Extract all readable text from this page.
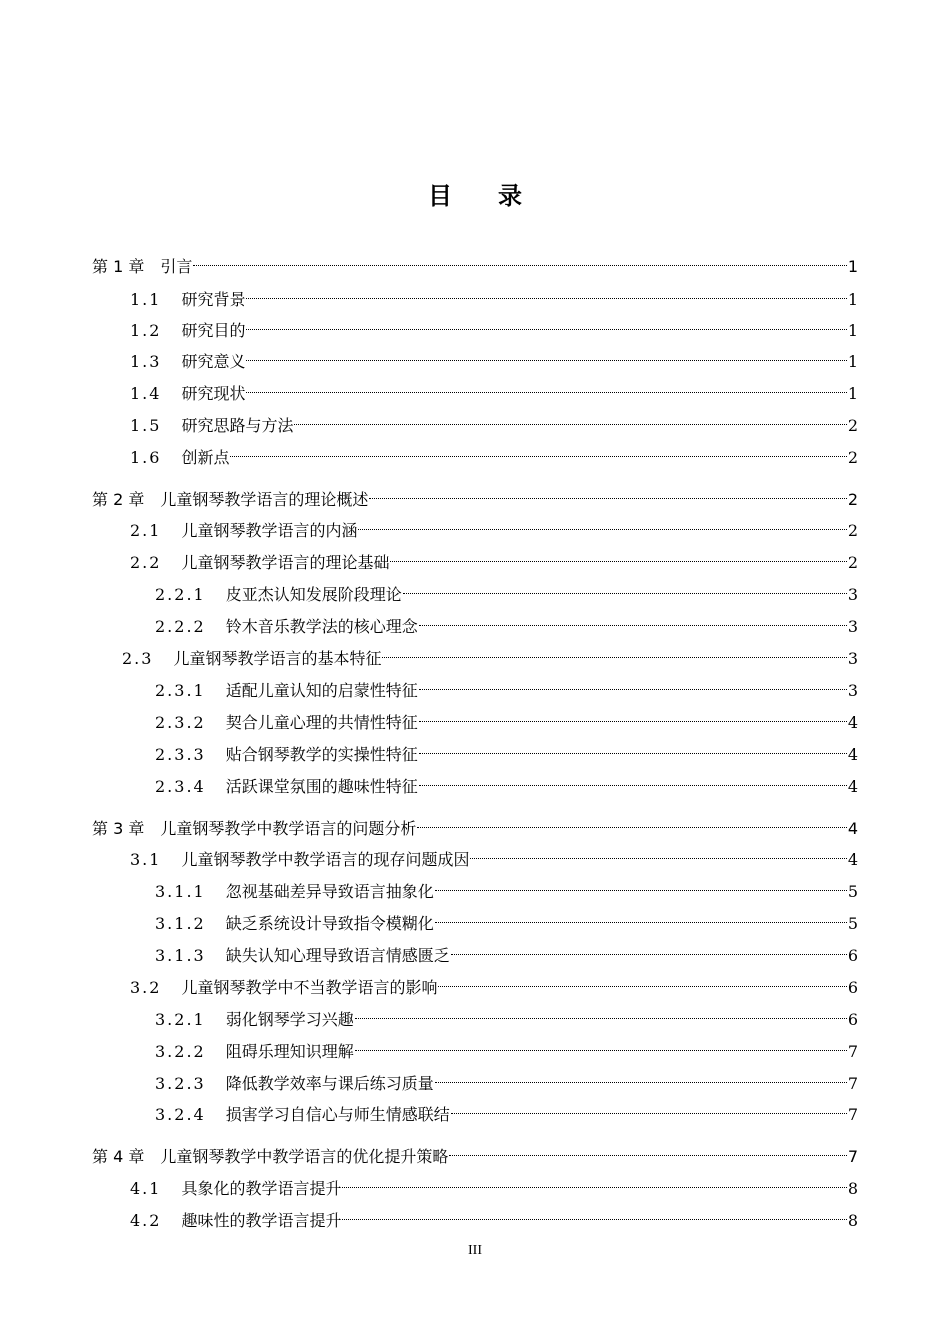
目 录
第 1 章 引言	1
1.1 研究背景	1
1.2 研究目的	1
1.3 研究意义	1
1.4 研究现状	1
1.5 研究思路与方法	2
1.6 创新点	2
第 2 章 儿童钢琴教学语言的理论概述	2
2.1 儿童钢琴教学语言的内涵	2
2.2 儿童钢琴教学语言的理论基础	2
2.2.1 皮亚杰认知发展阶段理论	3
2.2.2 铃木音乐教学法的核心理念	3
2.3 儿童钢琴教学语言的基本特征	3
2.3.1 适配儿童认知的启蒙性特征	3
2.3.2 契合儿童心理的共情性特征	4
2.3.3 贴合钢琴教学的实操性特征	4
2.3.4 活跃课堂氛围的趣味性特征	4
第 3 章 儿童钢琴教学中教学语言的问题分析	4
3.1 儿童钢琴教学中教学语言的现存问题成因	4
3.1.1 忽视基础差异导致语言抽象化	5
3.1.2 缺乏系统设计导致指令模糊化	5
3.1.3 缺失认知心理导致语言情感匮乏	6
3.2 儿童钢琴教学中不当教学语言的影响	6
3.2.1 弱化钢琴学习兴趣	6
3.2.2 阻碍乐理知识理解	7
3.2.3 降低教学效率与课后练习质量	7
3.2.4 损害学习自信心与师生情感联结	7
第 4 章 儿童钢琴教学中教学语言的优化提升策略	7
4.1 具象化的教学语言提升	8
4.2 趣味性的教学语言提升	8
III
